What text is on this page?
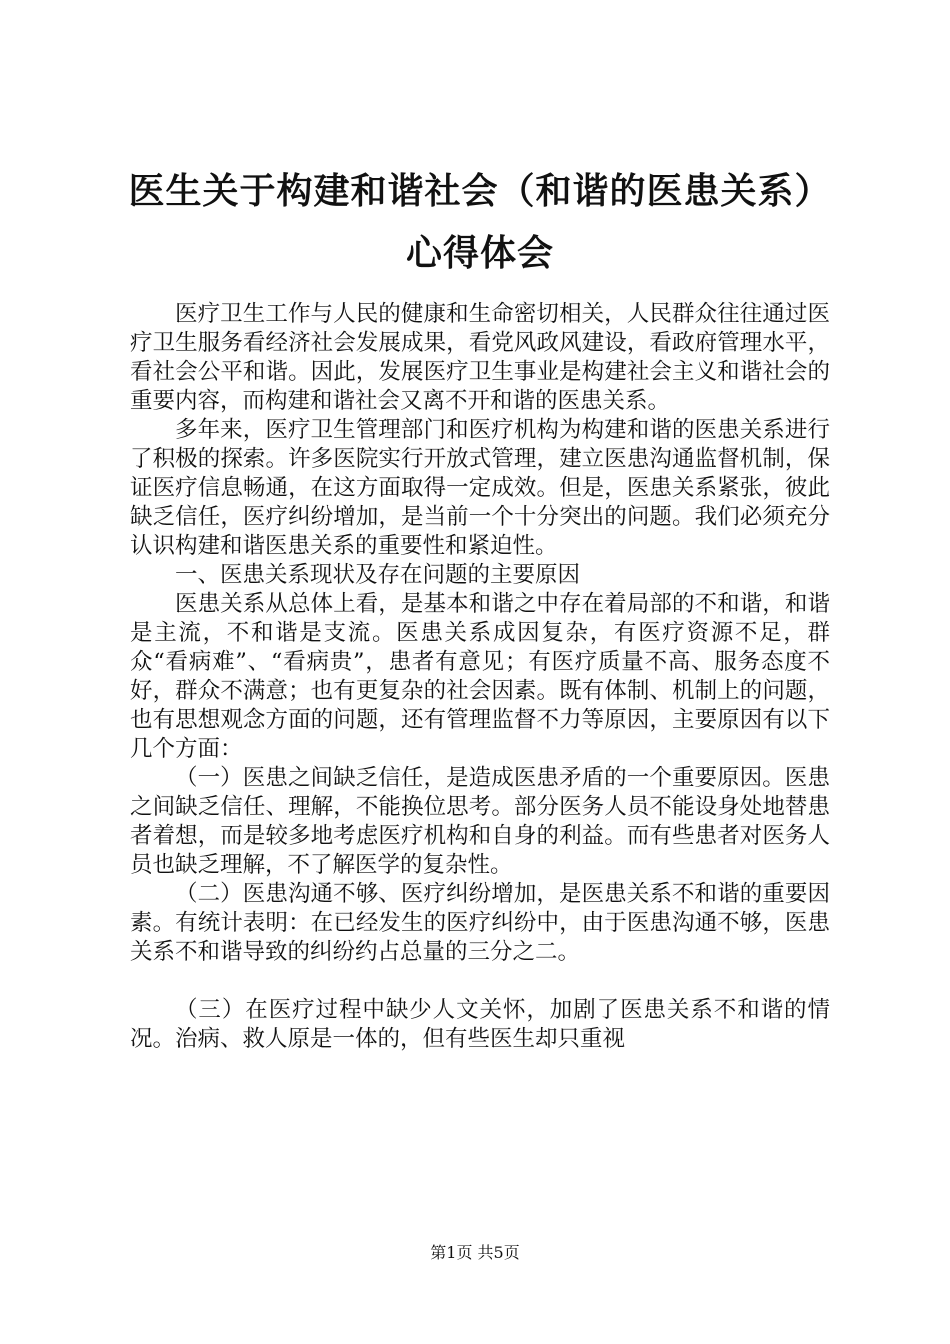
医生关于构建和谐社会（和谐的医患关系）心得体会

医疗卫生工作与人民的健康和生命密切相关，人民群众往往通过医疗卫生服务看经济社会发展成果，看党风政风建设，看政府管理水平，看社会公平和谐。因此，发展医疗卫生事业是构建社会主义和谐社会的重要内容，而构建和谐社会又离不开和谐的医患关系。

多年来，医疗卫生管理部门和医疗机构为构建和谐的医患关系进行了积极的探索。许多医院实行开放式管理，建立医患沟通监督机制，保证医疗信息畅通，在这方面取得一定成效。但是，医患关系紧张，彼此缺乏信任，医疗纠纷增加，是当前一个十分突出的问题。我们必须充分认识构建和谐医患关系的重要性和紧迫性。

一、医患关系现状及存在问题的主要原因

医患关系从总体上看，是基本和谐之中存在着局部的不和谐，和谐是主流，不和谐是支流。医患关系成因复杂，有医疗资源不足，群众“看病难”、“看病贵”，患者有意见；有医疗质量不高、服务态度不好，群众不满意；也有更复杂的社会因素。既有体制、机制上的问题，也有思想观念方面的问题，还有管理监督不力等原因，主要原因有以下几个方面：

（一）医患之间缺乏信任，是造成医患矛盾的一个重要原因。医患之间缺乏信任、理解，不能换位思考。部分医务人员不能设身处地替患者着想，而是较多地考虑医疗机构和自身的利益。而有些患者对医务人员也缺乏理解，不了解医学的复杂性。

（二）医患沟通不够、医疗纠纷增加，是医患关系不和谐的重要因素。有统计表明：在已经发生的医疗纠纷中，由于医患沟通不够，医患关系不和谐导致的纠纷约占总量的三分之二。

（三）在医疗过程中缺少人文关怀，加剧了医患关系不和谐的情况。治病、救人原是一体的，但有些医生却只重视

第1页 共5页
